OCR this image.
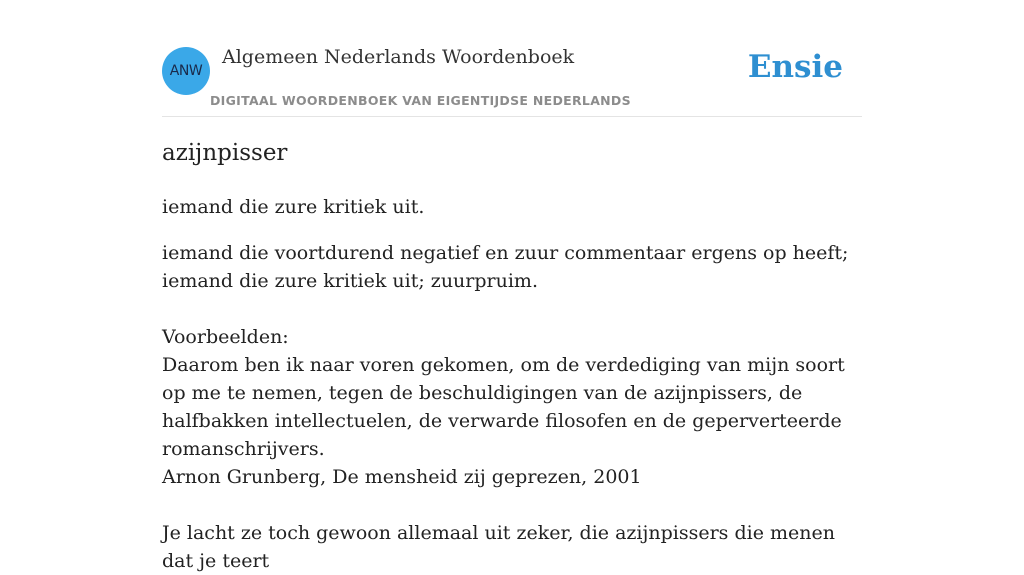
ANW
Algemeen Nederlands Woordenboek
DIGITAAL WOORDENBOEK VAN EIGENTIJDSE NEDERLANDS
Ensie
azijnpisser
iemand die zure kritiek uit.

iemand die voortdurend negatief en zuur commentaar ergens op heeft; iemand die zure kritiek uit; zuurpruim.

Voorbeelden:

Daarom ben ik naar voren gekomen, om de verdediging van mijn soort op me te nemen, tegen de beschuldigingen van de azijnpissers, de halfbakken intellectuelen, de verwarde filosofen en de geperverteerde romanschrijvers.

Arnon Grunberg, De mensheid zij geprezen, 2001

Je lacht ze toch gewoon allemaal uit zeker, die azijnpissers die menen dat je teert
